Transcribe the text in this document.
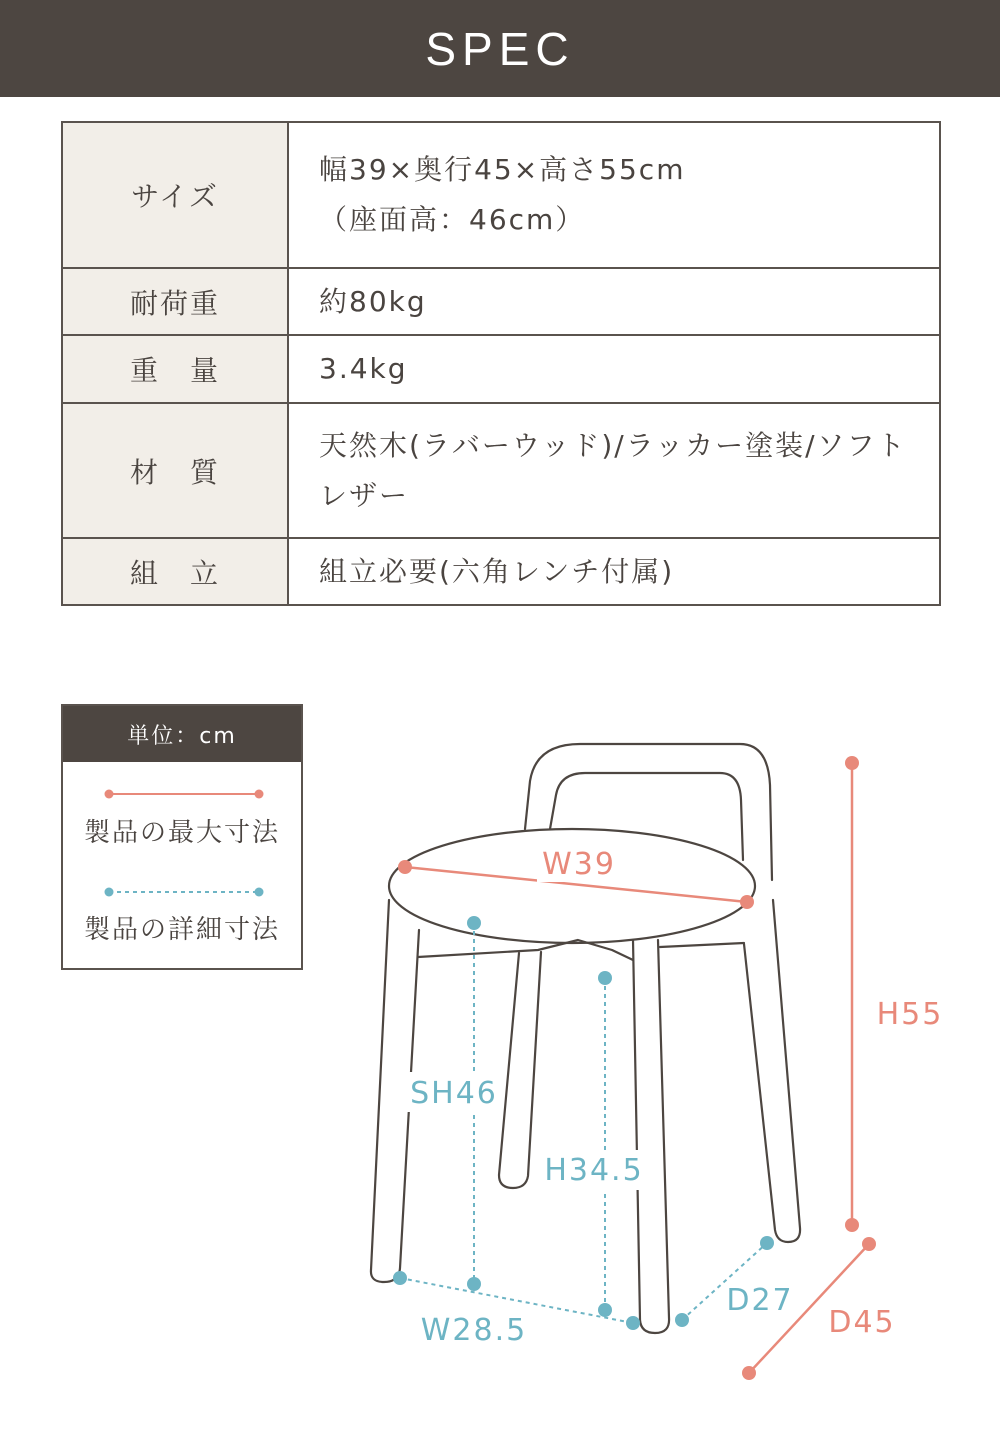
SPEC
サイズ	幅39×奥行45×高さ55cm
（座面高：46cm）

耐荷重	約80kg

重　量	3.4kg

材　質	天然木(ラバーウッド)/ラッカー塗装/ソフト
レザー

組　立	組立必要(六角レンチ付属)
単位：cm
製品の最大寸法
製品の詳細寸法
W39
H55
D45
SH46
H34.5
W28.5
D27
